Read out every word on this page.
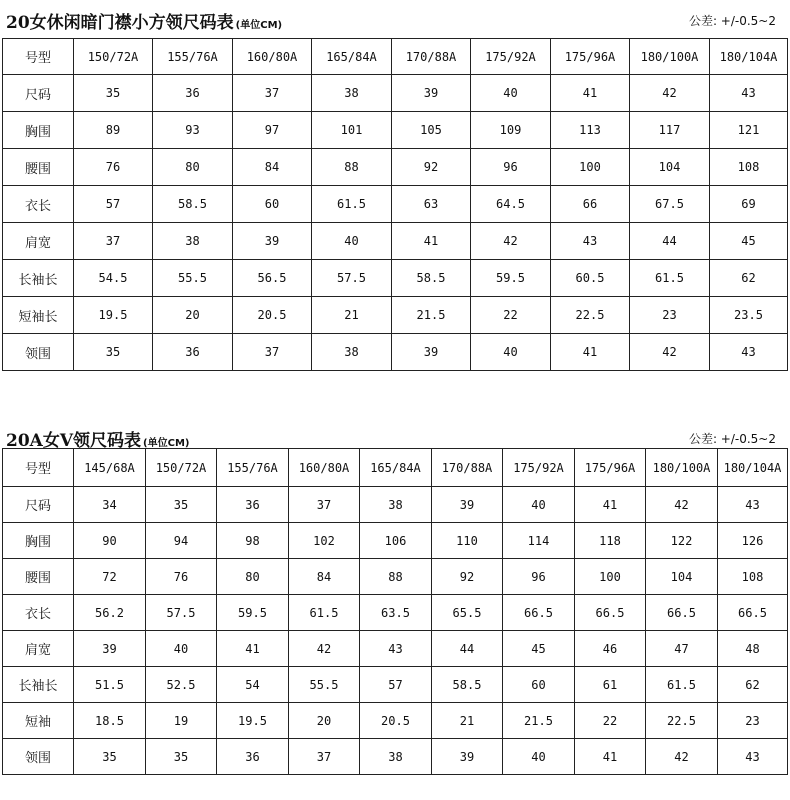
20女休闲暗门襟小方领尺码表 (单位CM)	公差: +/-0.5~2
号型	150/72A	155/76A	160/80A	165/84A	170/88A	175/92A	175/96A	180/100A	180/104A
尺码	35	36	37	38	39	40	41	42	43
胸围	89	93	97	101	105	109	113	117	121
腰围	76	80	84	88	92	96	100	104	108
衣长	57	58.5	60	61.5	63	64.5	66	67.5	69
肩宽	37	38	39	40	41	42	43	44	45
长袖长	54.5	55.5	56.5	57.5	58.5	59.5	60.5	61.5	62
短袖长	19.5	20	20.5	21	21.5	22	22.5	23	23.5
领围	35	36	37	38	39	40	41	42	43
20A女V领尺码表 (单位CM)	公差: +/-0.5~2
号型	145/68A	150/72A	155/76A	160/80A	165/84A	170/88A	175/92A	175/96A	180/100A	180/104A
尺码	34	35	36	37	38	39	40	41	42	43
胸围	90	94	98	102	106	110	114	118	122	126
腰围	72	76	80	84	88	92	96	100	104	108
衣长	56.2	57.5	59.5	61.5	63.5	65.5	66.5	66.5	66.5	66.5
肩宽	39	40	41	42	43	44	45	46	47	48
长袖长	51.5	52.5	54	55.5	57	58.5	60	61	61.5	62
短袖	18.5	19	19.5	20	20.5	21	21.5	22	22.5	23
领围	35	35	36	37	38	39	40	41	42	43
